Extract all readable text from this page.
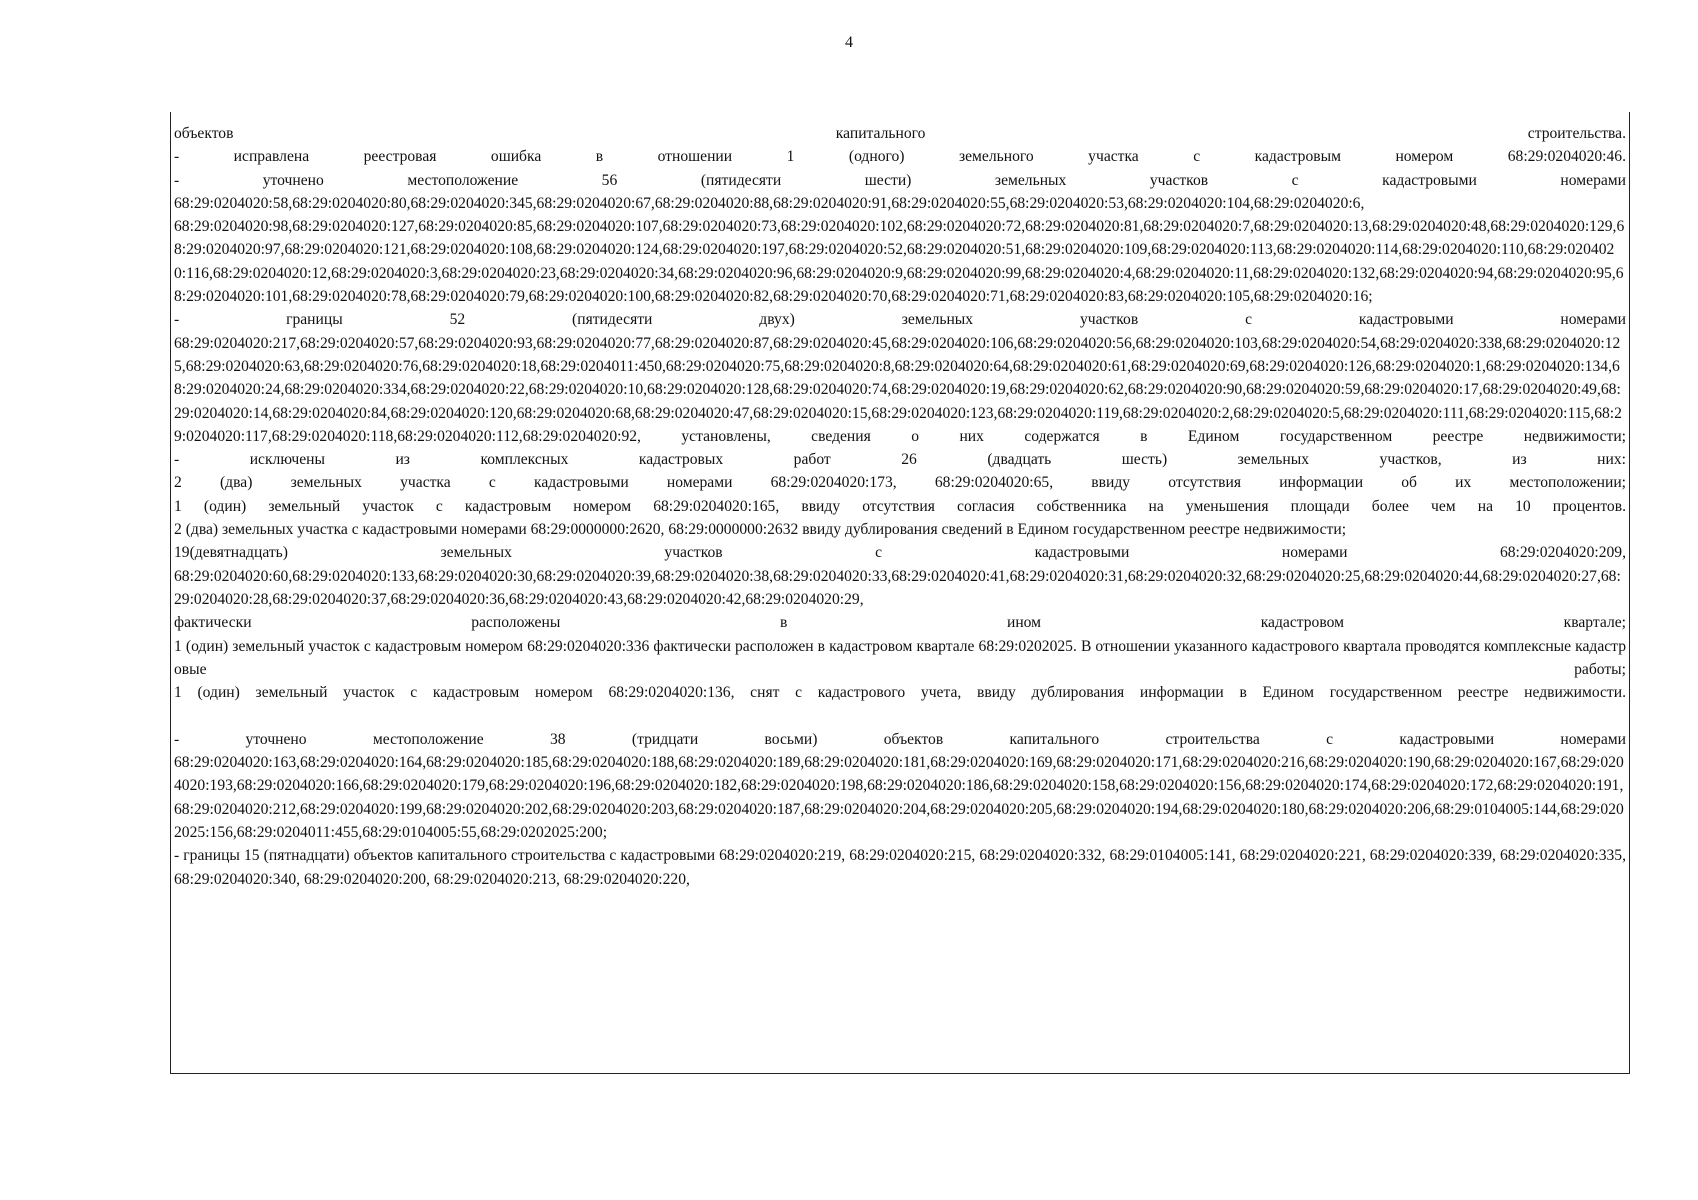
4

объектов капитального строительства.

- исправлена реестровая ошибка в отношении 1 (одного) земельного участка с кадастровым номером 68:29:0204020:46.

- уточнено местоположение 56 (пятидесяти шести) земельных участков с кадастровыми номерами

68:29:0204020:58,68:29:0204020:80,68:29:0204020:345,68:29:0204020:67,68:29:0204020:88,68:29:0204020:91,68:29:0204020:55,68:29:0204020:53,68:29:0204020:104,68:29:0204020:6,

68:29:0204020:98,68:29:0204020:127,68:29:0204020:85,68:29:0204020:107,68:29:0204020:73,68:29:0204020:102,68:29:0204020:72,68:29:0204020:81,68:29:0204020:7,68:29:0204020:13,68:29:0204020:48,68:29:0204020:129,68:29:0204020:97,68:29:0204020:121,68:29:0204020:108,68:29:0204020:124,68:29:0204020:197,68:29:0204020:52,68:29:0204020:51,68:29:0204020:109,68:29:0204020:113,68:29:0204020:114,68:29:0204020:110,68:29:0204020:116,68:29:0204020:12,68:29:0204020:3,68:29:0204020:23,68:29:0204020:34,68:29:0204020:96,68:29:0204020:9,68:29:0204020:99,68:29:0204020:4,68:29:0204020:11,68:29:0204020:132,68:29:0204020:94,68:29:0204020:95,68:29:0204020:101,68:29:0204020:78,68:29:0204020:79,68:29:0204020:100,68:29:0204020:82,68:29:0204020:70,68:29:0204020:71,68:29:0204020:83,68:29:0204020:105,68:29:0204020:16;

- границы 52 (пятидесяти двух) земельных участков с кадастровыми номерами

68:29:0204020:217,68:29:0204020:57,68:29:0204020:93,68:29:0204020:77,68:29:0204020:87,68:29:0204020:45,68:29:0204020:106,68:29:0204020:56,68:29:0204020:103,68:29:0204020:54,68:29:0204020:338,68:29:0204020:125,68:29:0204020:63,68:29:0204020:76,68:29:0204020:18,68:29:0204011:450,68:29:0204020:75,68:29:0204020:8,68:29:0204020:64,68:29:0204020:61,68:29:0204020:69,68:29:0204020:126,68:29:0204020:1,68:29:0204020:134,68:29:0204020:24,68:29:0204020:334,68:29:0204020:22,68:29:0204020:10,68:29:0204020:128,68:29:0204020:74,68:29:0204020:19,68:29:0204020:62,68:29:0204020:90,68:29:0204020:59,68:29:0204020:17,68:29:0204020:49,68:29:0204020:14,68:29:0204020:84,68:29:0204020:120,68:29:0204020:68,68:29:0204020:47,68:29:0204020:15,68:29:0204020:123,68:29:0204020:119,68:29:0204020:2,68:29:0204020:5,68:29:0204020:111,68:29:0204020:115,68:29:0204020:117,68:29:0204020:118,68:29:0204020:112,68:29:0204020:92, установлены, сведения о них содержатся в Едином государственном реестре недвижимости;

- исключены из комплексных кадастровых работ 26 (двадцать шесть) земельных участков, из них:

2 (два) земельных участка с кадастровыми номерами 68:29:0204020:173, 68:29:0204020:65, ввиду отсутствия информации об их местоположении;

1 (один) земельный участок с кадастровым номером 68:29:0204020:165, ввиду отсутствия согласия собственника на уменьшения площади более чем на 10 процентов.

2 (два) земельных участка с кадастровыми номерами 68:29:0000000:2620, 68:29:0000000:2632 ввиду дублирования сведений в Едином государственном реестре недвижимости;

19(девятнадцать) земельных участков с кадастровыми номерами 68:29:0204020:209,

68:29:0204020:60,68:29:0204020:133,68:29:0204020:30,68:29:0204020:39,68:29:0204020:38,68:29:0204020:33,68:29:0204020:41,68:29:0204020:31,68:29:0204020:32,68:29:0204020:25,68:29:0204020:44,68:29:0204020:27,68:29:0204020:28,68:29:0204020:37,68:29:0204020:36,68:29:0204020:43,68:29:0204020:42,68:29:0204020:29,

фактически расположены в ином кадастровом квартале;

1 (один) земельный участок с кадастровым номером 68:29:0204020:336 фактически расположен в кадастровом квартале 68:29:0202025. В отношении указанного кадастрового квартала проводятся комплексные кадастровые работы;

1 (один) земельный участок с кадастровым номером 68:29:0204020:136, снят с кадастрового учета, ввиду дублирования информации в Едином государственном реестре недвижимости.

- уточнено местоположение 38 (тридцати восьми) объектов капитального строительства с кадастровыми номерами

68:29:0204020:163,68:29:0204020:164,68:29:0204020:185,68:29:0204020:188,68:29:0204020:189,68:29:0204020:181,68:29:0204020:169,68:29:0204020:171,68:29:0204020:216,68:29:0204020:190,68:29:0204020:167,68:29:0204020:193,68:29:0204020:166,68:29:0204020:179,68:29:0204020:196,68:29:0204020:182,68:29:0204020:198,68:29:0204020:186,68:29:0204020:158,68:29:0204020:156,68:29:0204020:174,68:29:0204020:172,68:29:0204020:191,68:29:0204020:212,68:29:0204020:199,68:29:0204020:202,68:29:0204020:203,68:29:0204020:187,68:29:0204020:204,68:29:0204020:205,68:29:0204020:194,68:29:0204020:180,68:29:0204020:206,68:29:0104005:144,68:29:0202025:156,68:29:0204011:455,68:29:0104005:55,68:29:0202025:200;

- границы 15 (пятнадцати) объектов капитального строительства с кадастровыми 68:29:0204020:219, 68:29:0204020:215, 68:29:0204020:332, 68:29:0104005:141, 68:29:0204020:221, 68:29:0204020:339, 68:29:0204020:335, 68:29:0204020:340, 68:29:0204020:200, 68:29:0204020:213, 68:29:0204020:220,
